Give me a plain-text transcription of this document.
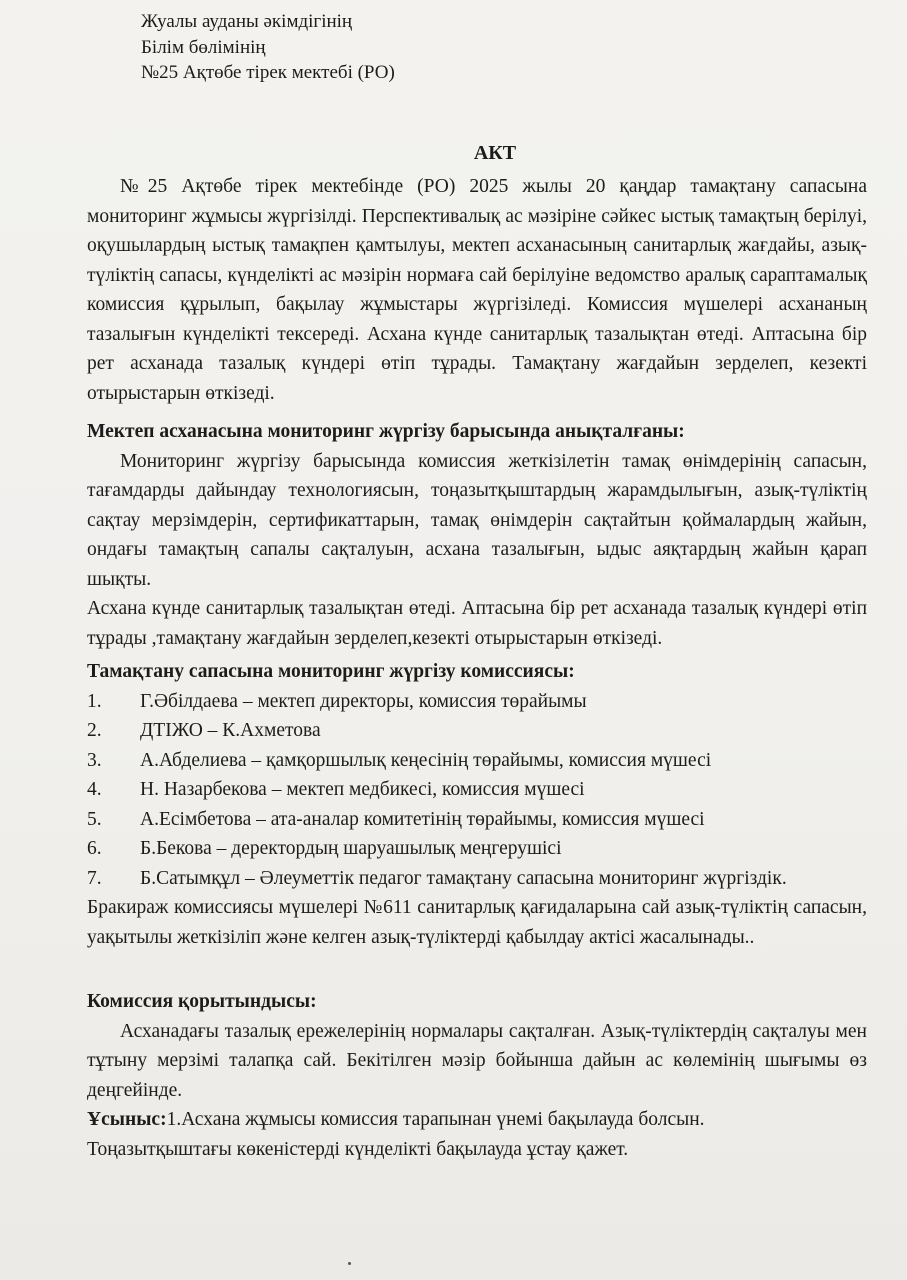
Жуалы ауданы әкімдігінің
Білім бөлімінің
№25 Ақтөбе тірек мектебі (РО)
АКТ
№25 Ақтөбе тірек мектебінде (РО) 2025 жылы 20 қаңдар тамақтану сапасына мониторинг жұмысы жүргізілді. Перспективалық ас мәзіріне сәйкес ыстық тамақтың берілуі, оқушылардың ыстық тамақпен қамтылуы, мектеп асханасының санитарлық жағдайы, азық-түліктің сапасы, күнделікті ас мәзірін нормаға сай берілуіне ведомство аралық сараптамалық комиссия құрылып, бақылау жұмыстары жүргізіледі. Комиссия мүшелері асхананың тазалығын күнделікті тексереді. Асхана күнде санитарлық тазалықтан өтеді. Аптасына бір рет асханада тазалық күндері өтіп тұрады. Тамақтану жағдайын зерделеп, кезекті отырыстарын өткізеді.
Мектеп асханасына мониторинг жүргізу барысында анықталғаны:
Мониторинг жүргізу барысында комиссия жеткізілетін тамақ өнімдерінің сапасын, тағамдарды дайындау технологиясын, тоңазытқыштардың жарамдылығын, азық-түліктің сақтау мерзімдерін, сертификаттарын, тамақ өнімдерін сақтайтын қоймалардың жайын, ондағы тамақтың сапалы сақталуын, асхана тазалығын, ыдыс аяқтардың жайын қарап шықты.
Асхана күнде санитарлық тазалықтан өтеді. Аптасына бір рет асханада тазалық күндері өтіп тұрады ,тамақтану жағдайын зерделеп,кезекті отырыстарын өткізеді.
Тамақтану сапасына мониторинг жүргізу комиссиясы:
1.	Г.Әбілдаева – мектеп директоры, комиссия төрайымы
2.	ДТІЖО – К.Ахметова
3.	А.Абделиева – қамқоршылық кеңесінің төрайымы, комиссия мүшесі
4.	Н. Назарбекова – мектеп медбикесі, комиссия мүшесі
5.	А.Есімбетова – ата-аналар комитетінің төрайымы, комиссия мүшесі
6.	Б.Бекова – деректордың шаруашылық меңгерушісі
7.	Б.Сатымқұл – Әлеуметтік педагог тамақтану сапасына мониторинг жүргіздік.
Бракираж комиссиясы мүшелері №611 санитарлық қағидаларына сай азық-түліктің сапасын, уақытылы жеткізіліп және келген азық-түліктерді қабылдау актісі жасалынады..
Комиссия қорытындысы:
Асханадағы тазалық ережелерінің нормалары сақталған. Азық-түліктердің сақталуы мен тұтыну мерзімі талапқа сай. Бекітілген мәзір бойынша дайын ас көлемінің шығымы өз деңгейінде.
Ұсыныс:1.Асхана жұмысы комиссия тарапынан үнемі бақылауда болсын.
Тоңазытқыштағы көкеністерді күнделікті бақылауда ұстау қажет.
